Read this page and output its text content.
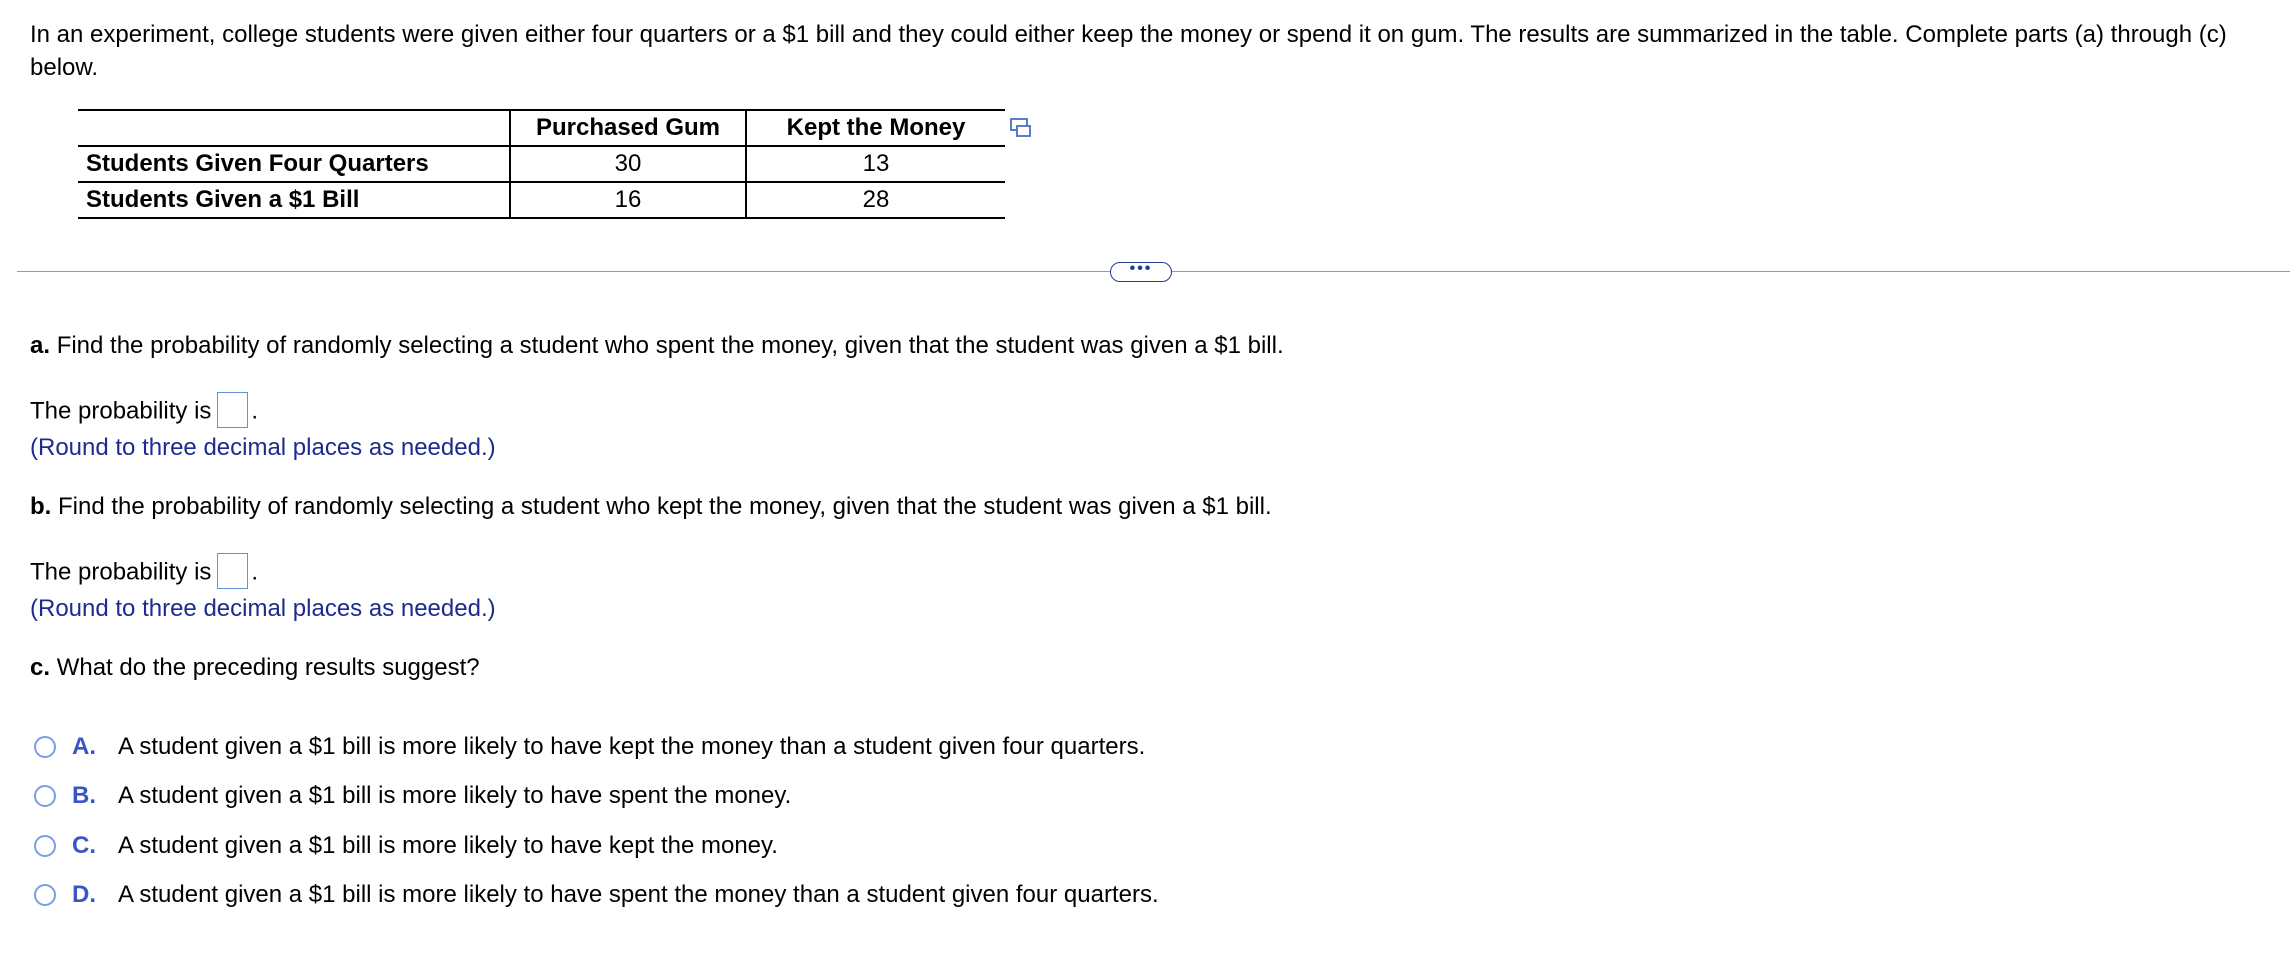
In an experiment, college students were given either four quarters or a $1 bill and they could either keep the money or spend it on gum. The results are summarized in the table. Complete parts (a) through (c) below.
	Purchased Gum	Kept the Money
Students Given Four Quarters	30	13
Students Given a $1 Bill	16	28
•••
a. Find the probability of randomly selecting a student who spent the money, given that the student was given a $1 bill.
The probability is .
(Round to three decimal places as needed.)
b. Find the probability of randomly selecting a student who kept the money, given that the student was given a $1 bill.
The probability is .
(Round to three decimal places as needed.)
c. What do the preceding results suggest?
A. A student given a $1 bill is more likely to have kept the money than a student given four quarters.
B. A student given a $1 bill is more likely to have spent the money.
C. A student given a $1 bill is more likely to have kept the money.
D. A student given a $1 bill is more likely to have spent the money than a student given four quarters.
